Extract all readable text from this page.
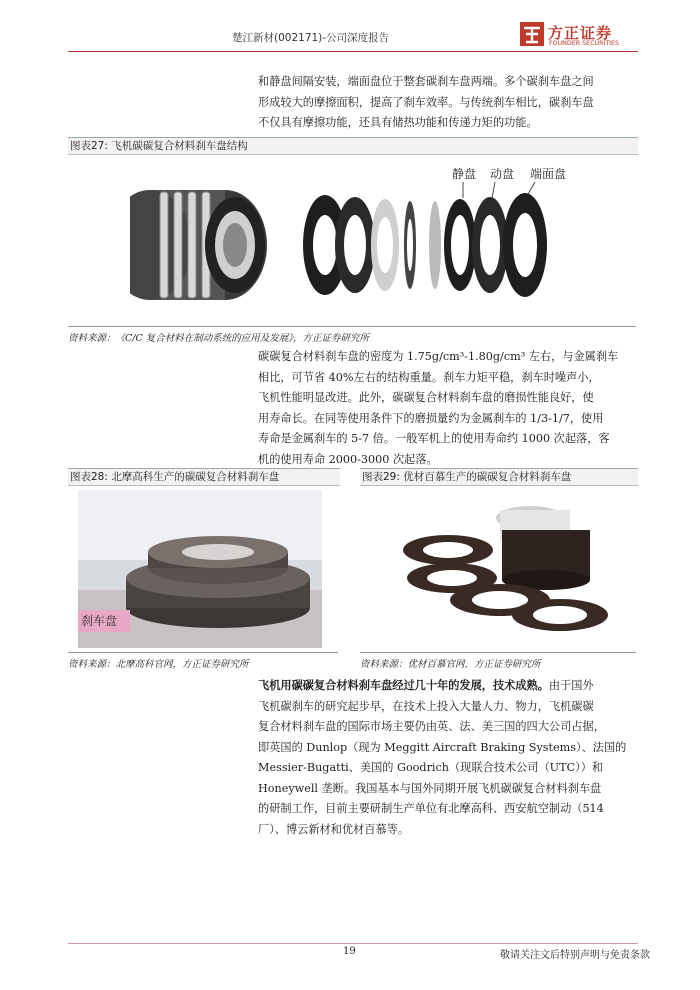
楚江新材(002171)-公司深度报告	方正证券
FOUNDER SECURITIES

和静盘间隔安装，端面盘位于整套碳刹车盘两端。多个碳刹车盘之间

形成较大的摩擦面积，提高了刹车效率。与传统刹车相比，碳刹车盘

不仅具有摩擦功能，还具有储热功能和传递力矩的功能。

图表27: 飞机碳碳复合材料刹车盘结构
静盘 动盘 端面盘
资料来源：《C/C 复合材料在制动系统的应用及发展》，方正证券研究所

碳碳复合材料刹车盘的密度为 1.75g/cm³-1.80g/cm³ 左右，与金属刹车

相比，可节省 40%左右的结构重量。刹车力矩平稳，刹车时噪声小，

飞机性能明显改进。此外，碳碳复合材料刹车盘的磨损性能良好，使

用寿命长。在同等使用条件下的磨损量约为金属刹车的 1/3-1/7，使用

寿命是金属刹车的 5-7 倍。一般军机上的使用寿命约 1000 次起落，客

机的使用寿命 2000-3000 次起落。

图表28: 北摩高科生产的碳碳复合材料刹车盘
刹车盘
资料来源：北摩高科官网，方正证券研究所
图表29: 优材百慕生产的碳碳复合材料刹车盘
资料来源：优材百慕官网，方正证券研究所

飞机用碳碳复合材料刹车盘经过几十年的发展，技术成熟。由于国外

飞机碳刹车的研究起步早，在技术上投入大量人力、物力，飞机碳碳

复合材料刹车盘的国际市场主要仍由英、法、美三国的四大公司占据，

即英国的 Dunlop（现为 Meggitt Aircraft Braking Systems）、法国的

Messier-Bugatti、美国的 Goodrich（现联合技术公司（UTC））和

Honeywell 垄断。我国基本与国外同期开展飞机碳碳复合材料刹车盘

的研制工作，目前主要研制生产单位有北摩高科、西安航空制动（514

厂）、博云新材和优材百慕等。

19	敬请关注文后特别声明与免责条款
